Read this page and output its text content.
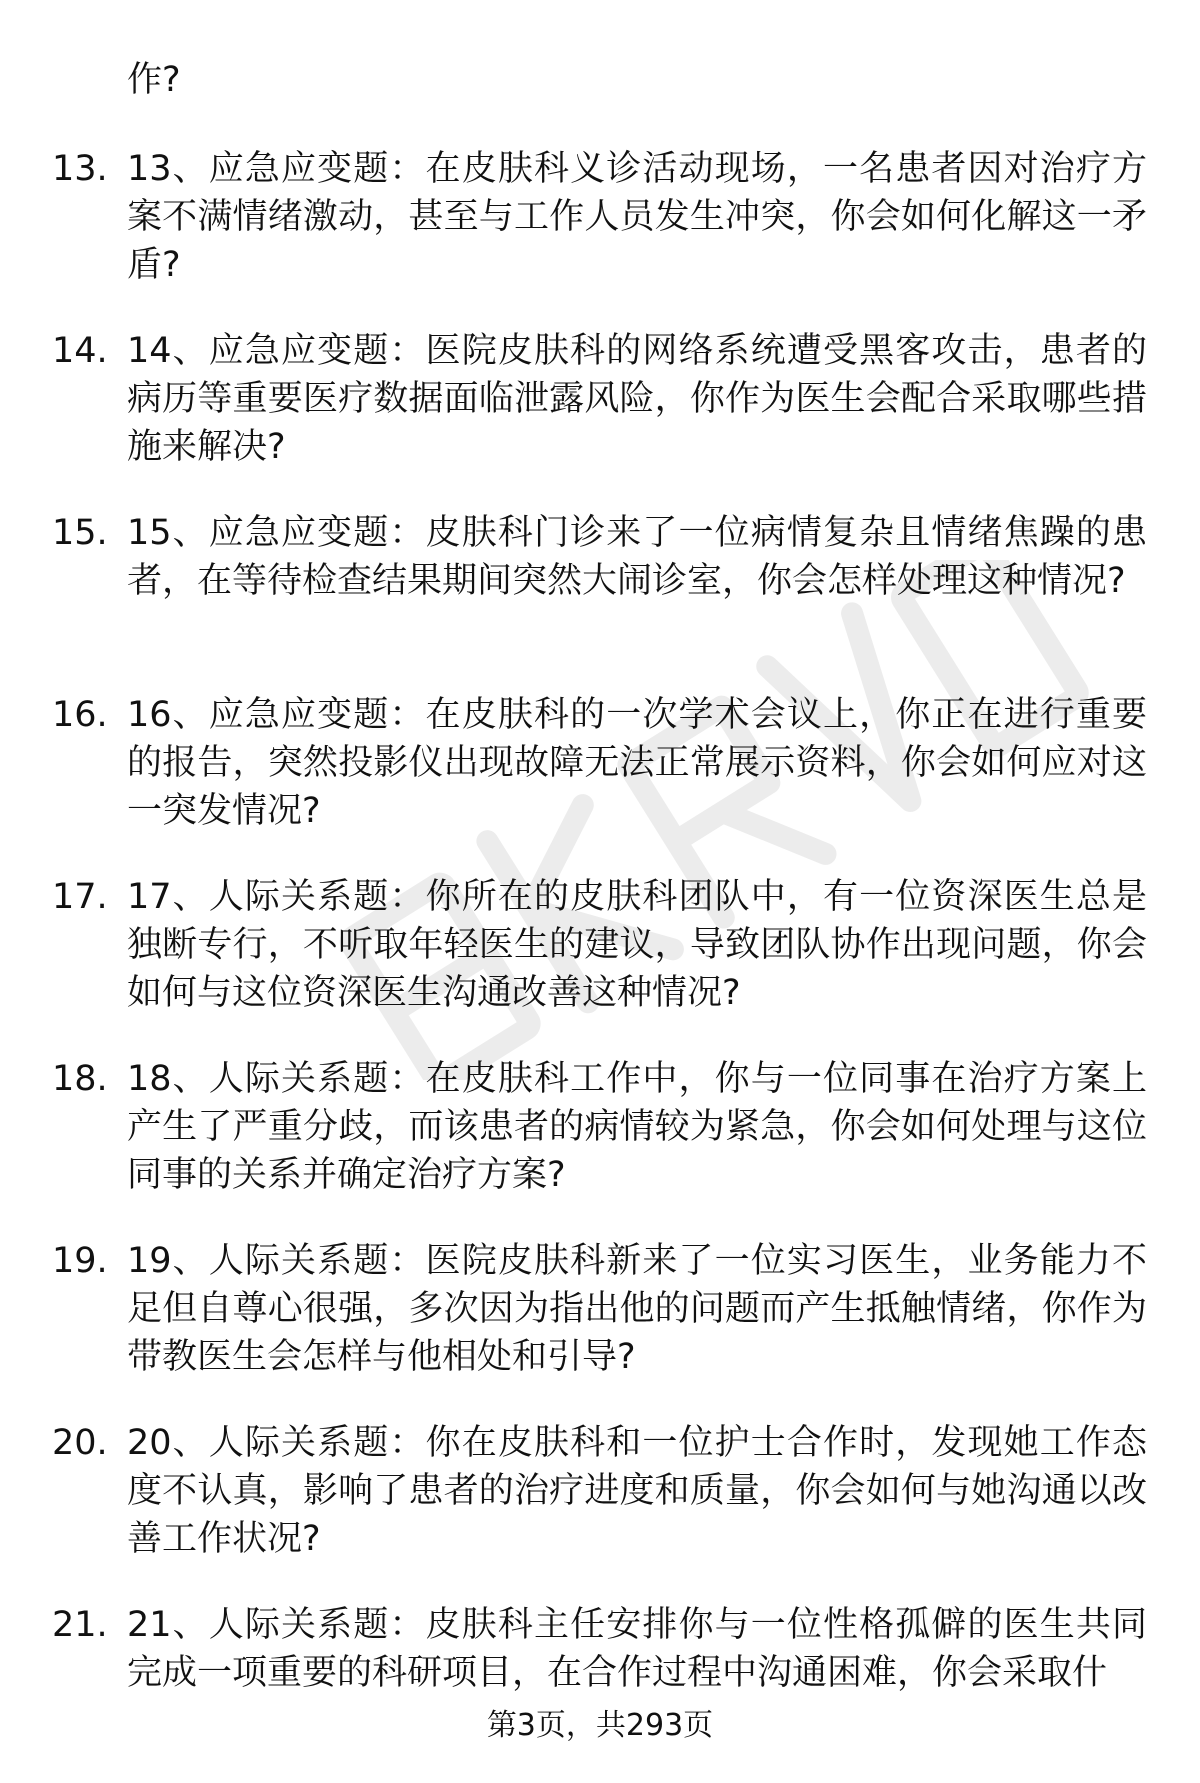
作?
13. 13、应急应变题：在皮肤科义诊活动现场，一名患者因对治疗方案不满情绪激动，甚至与工作人员发生冲突，你会如何化解这一矛盾?
14. 14、应急应变题：医院皮肤科的网络系统遭受黑客攻击，患者的病历等重要医疗数据面临泄露风险，你作为医生会配合采取哪些措施来解决?
15. 15、应急应变题：皮肤科门诊来了一位病情复杂且情绪焦躁的患者，在等待检查结果期间突然大闹诊室，你会怎样处理这种情况?
16. 16、应急应变题：在皮肤科的一次学术会议上，你正在进行重要的报告，突然投影仪出现故障无法正常展示资料，你会如何应对这一突发情况?
17. 17、人际关系题：你所在的皮肤科团队中，有一位资深医生总是独断专行，不听取年轻医生的建议，导致团队协作出现问题，你会如何与这位资深医生沟通改善这种情况?
18. 18、人际关系题：在皮肤科工作中，你与一位同事在治疗方案上产生了严重分歧，而该患者的病情较为紧急，你会如何处理与这位同事的关系并确定治疗方案?
19. 19、人际关系题：医院皮肤科新来了一位实习医生，业务能力不足但自尊心很强，多次因为指出他的问题而产生抵触情绪，你作为带教医生会怎样与他相处和引导?
20. 20、人际关系题：你在皮肤科和一位护士合作时，发现她工作态度不认真，影响了患者的治疗进度和质量，你会如何与她沟通以改善工作状况?
21. 21、人际关系题：皮肤科主任安排你与一位性格孤僻的医生共同完成一项重要的科研项目，在合作过程中沟通困难，你会采取什
第3页，共293页
